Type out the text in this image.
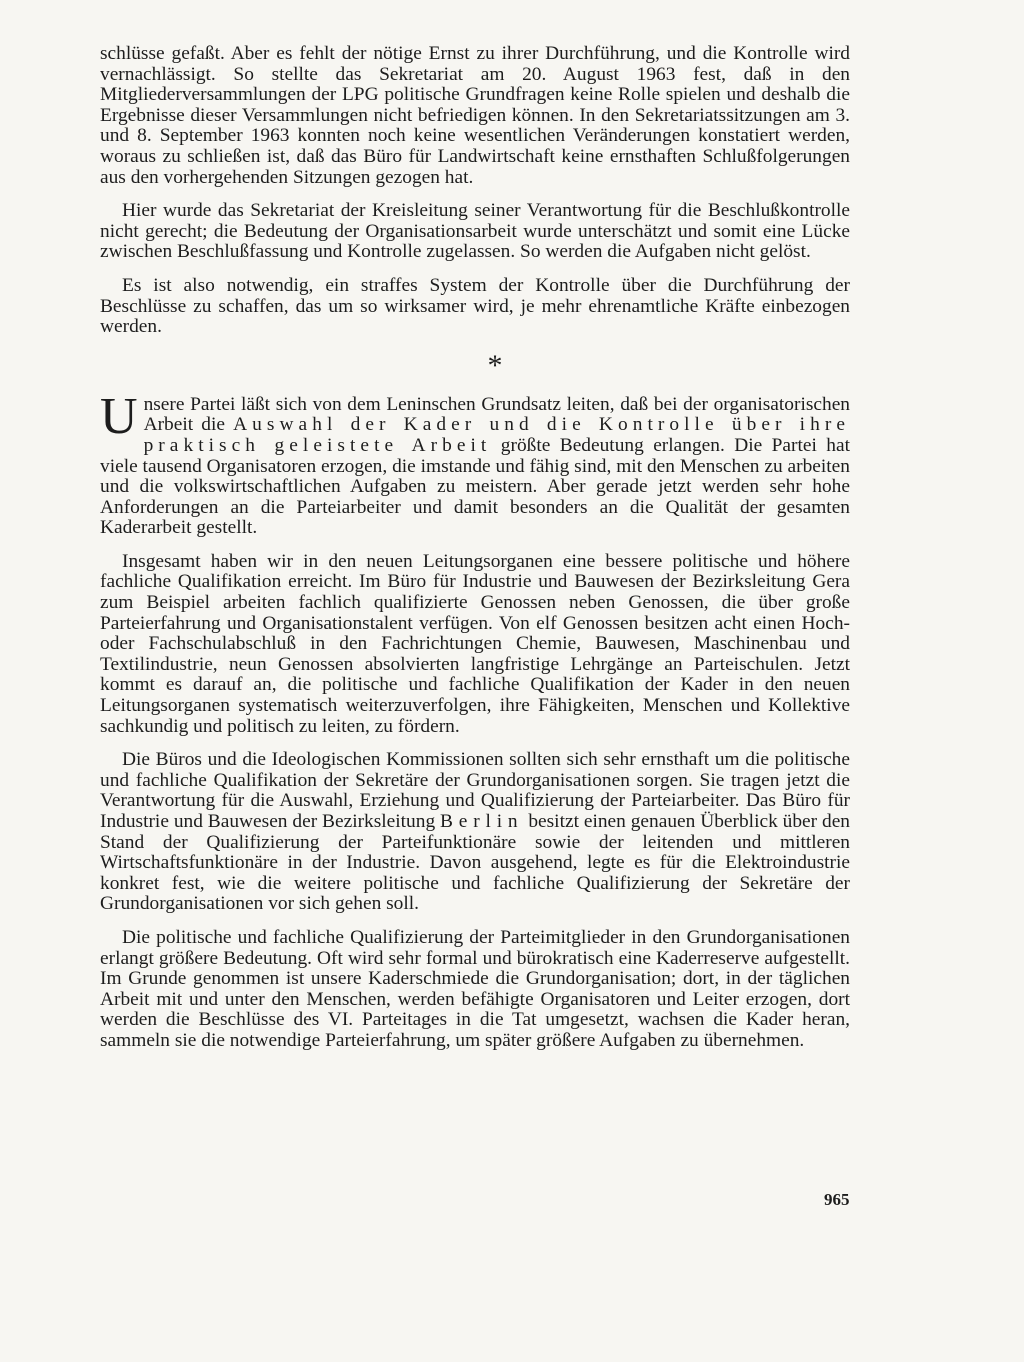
schlüsse gefaßt. Aber es fehlt der nötige Ernst zu ihrer Durchführung, und die Kontrolle wird vernachlässigt. So stellte das Sekretariat am 20. August 1963 fest, daß in den Mitgliederversammlungen der LPG politische Grundfragen keine Rolle spielen und deshalb die Ergebnisse dieser Versammlungen nicht befriedigen können. In den Sekretariatssitzungen am 3. und 8. September 1963 konnten noch keine wesentlichen Veränderungen konstatiert werden, woraus zu schließen ist, daß das Büro für Landwirtschaft keine ernsthaften Schlußfolgerungen aus den vorhergehenden Sitzungen gezogen hat.

Hier wurde das Sekretariat der Kreisleitung seiner Verantwortung für die Beschlußkontrolle nicht gerecht; die Bedeutung der Organisationsarbeit wurde unterschätzt und somit eine Lücke zwischen Beschlußfassung und Kontrolle zugelassen. So werden die Aufgaben nicht gelöst.

Es ist also notwendig, ein straffes System der Kontrolle über die Durchführung der Beschlüsse zu schaffen, das um so wirksamer wird, je mehr ehrenamtliche Kräfte einbezogen werden.

*

Unsere Partei läßt sich von dem Leninschen Grundsatz leiten, daß bei der organisatorischen Arbeit die Auswahl der Kader und die Kontrolle über ihre praktisch geleistete Arbeit größte Bedeutung erlangen. Die Partei hat viele tausend Organisatoren erzogen, die imstande und fähig sind, mit den Menschen zu arbeiten und die volkswirtschaftlichen Aufgaben zu meistern. Aber gerade jetzt werden sehr hohe Anforderungen an die Parteiarbeiter und damit besonders an die Qualität der gesamten Kaderarbeit gestellt.

Insgesamt haben wir in den neuen Leitungsorganen eine bessere politische und höhere fachliche Qualifikation erreicht. Im Büro für Industrie und Bauwesen der Bezirksleitung Gera zum Beispiel arbeiten fachlich qualifizierte Genossen neben Genossen, die über große Parteierfahrung und Organisationstalent verfügen. Von elf Genossen besitzen acht einen Hoch- oder Fachschulabschluß in den Fachrichtungen Chemie, Bauwesen, Maschinenbau und Textilindustrie, neun Genossen absolvierten langfristige Lehrgänge an Parteischulen. Jetzt kommt es darauf an, die politische und fachliche Qualifikation der Kader in den neuen Leitungsorganen systematisch weiterzuverfolgen, ihre Fähigkeiten, Menschen und Kollektive sachkundig und politisch zu leiten, zu fördern.

Die Büros und die Ideologischen Kommissionen sollten sich sehr ernsthaft um die politische und fachliche Qualifikation der Sekretäre der Grundorganisationen sorgen. Sie tragen jetzt die Verantwortung für die Auswahl, Erziehung und Qualifizierung der Parteiarbeiter. Das Büro für Industrie und Bauwesen der Bezirksleitung Berlin besitzt einen genauen Überblick über den Stand der Qualifizierung der Parteifunktionäre sowie der leitenden und mittleren Wirtschaftsfunktionäre in der Industrie. Davon ausgehend, legte es für die Elektroindustrie konkret fest, wie die weitere politische und fachliche Qualifizierung der Sekretäre der Grundorganisationen vor sich gehen soll.

Die politische und fachliche Qualifizierung der Parteimitglieder in den Grundorganisationen erlangt größere Bedeutung. Oft wird sehr formal und bürokratisch eine Kaderreserve aufgestellt. Im Grunde genommen ist unsere Kaderschmiede die Grundorganisation; dort, in der täglichen Arbeit mit und unter den Menschen, werden befähigte Organisatoren und Leiter erzogen, dort werden die Beschlüsse des VI. Parteitages in die Tat umgesetzt, wachsen die Kader heran, sammeln sie die notwendige Parteierfahrung, um später größere Aufgaben zu übernehmen.

965
